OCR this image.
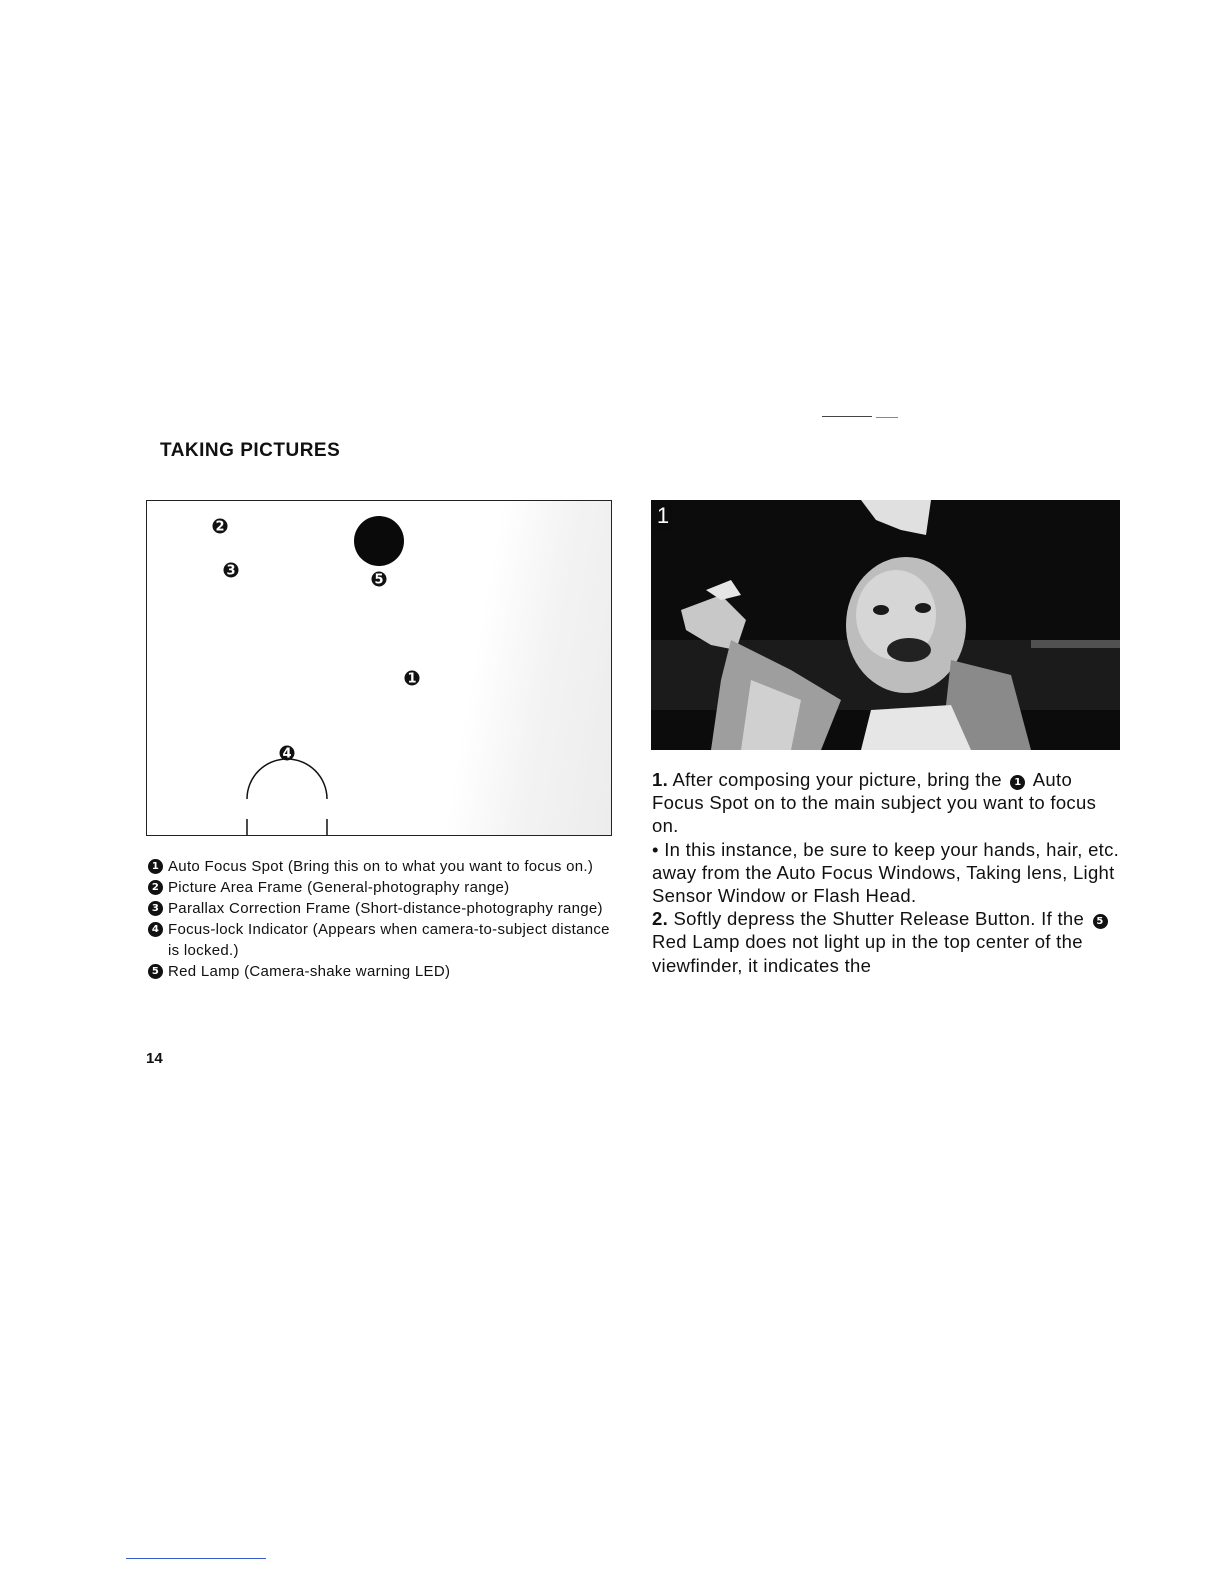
TAKING PICTURES
2
3
5
1
4
1 Auto Focus Spot (Bring this on to what you want to focus on.)
2 Picture Area Frame (General-photography range)
3 Parallax Correction Frame (Short-distance-photography range)
4 Focus-lock Indicator (Appears when camera-to-subject distance is locked.)
5 Red Lamp (Camera-shake warning LED)
14
1

1. After composing your picture, bring the 1 Auto Focus Spot on to the main subject you want to focus on.

• In this instance, be sure to keep your hands, hair, etc. away from the Auto Focus Windows, Taking lens, Light Sensor Window or Flash Head.

2. Softly depress the Shutter Release Button. If the 5 Red Lamp does not light up in the top center of the viewfinder, it indicates the
